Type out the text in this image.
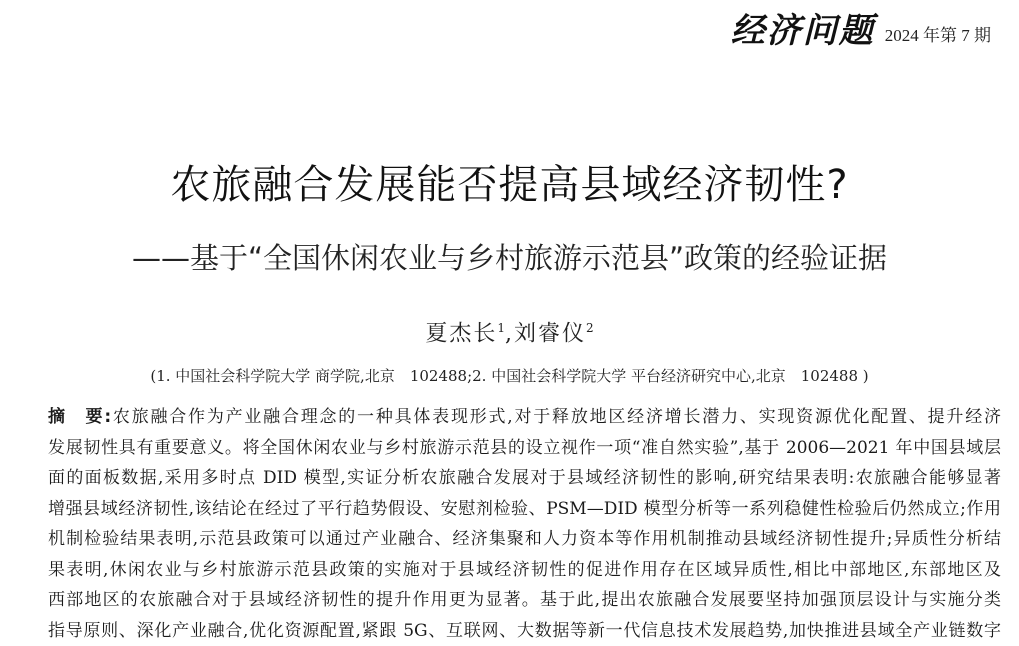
经济问题 2024 年第 7 期
农旅融合发展能否提高县域经济韧性?
——基于“全国休闲农业与乡村旅游示范县”政策的经验证据
夏杰长$^1$,刘睿仪$^2$
(1. 中国社会科学院大学 商学院,北京　102488;2. 中国社会科学院大学 平台经济研究中心,北京　102488 )
摘　要:农旅融合作为产业融合理念的一种具体表现形式,对于释放地区经济增长潜力、实现资源优化配置、提升经济
发展韧性具有重要意义。将全国休闲农业与乡村旅游示范县的设立视作一项“准自然实验”,基于 2006—2021 年中国县域层
面的面板数据,采用多时点 DID 模型,实证分析农旅融合发展对于县域经济韧性的影响,研究结果表明:农旅融合能够显著
增强县域经济韧性,该结论在经过了平行趋势假设、安慰剂检验、PSM—DID 模型分析等一系列稳健性检验后仍然成立;作用
机制检验结果表明,示范县政策可以通过产业融合、经济集聚和人力资本等作用机制推动县域经济韧性提升;异质性分析结
果表明,休闲农业与乡村旅游示范县政策的实施对于县域经济韧性的促进作用存在区域异质性,相比中部地区,东部地区及
西部地区的农旅融合对于县域经济韧性的提升作用更为显著。基于此,提出农旅融合发展要坚持加强顶层设计与实施分类
指导原则、深化产业融合,优化资源配置,紧跟 5G、互联网、大数据等新一代信息技术发展趋势,加快推进县域全产业链数字
